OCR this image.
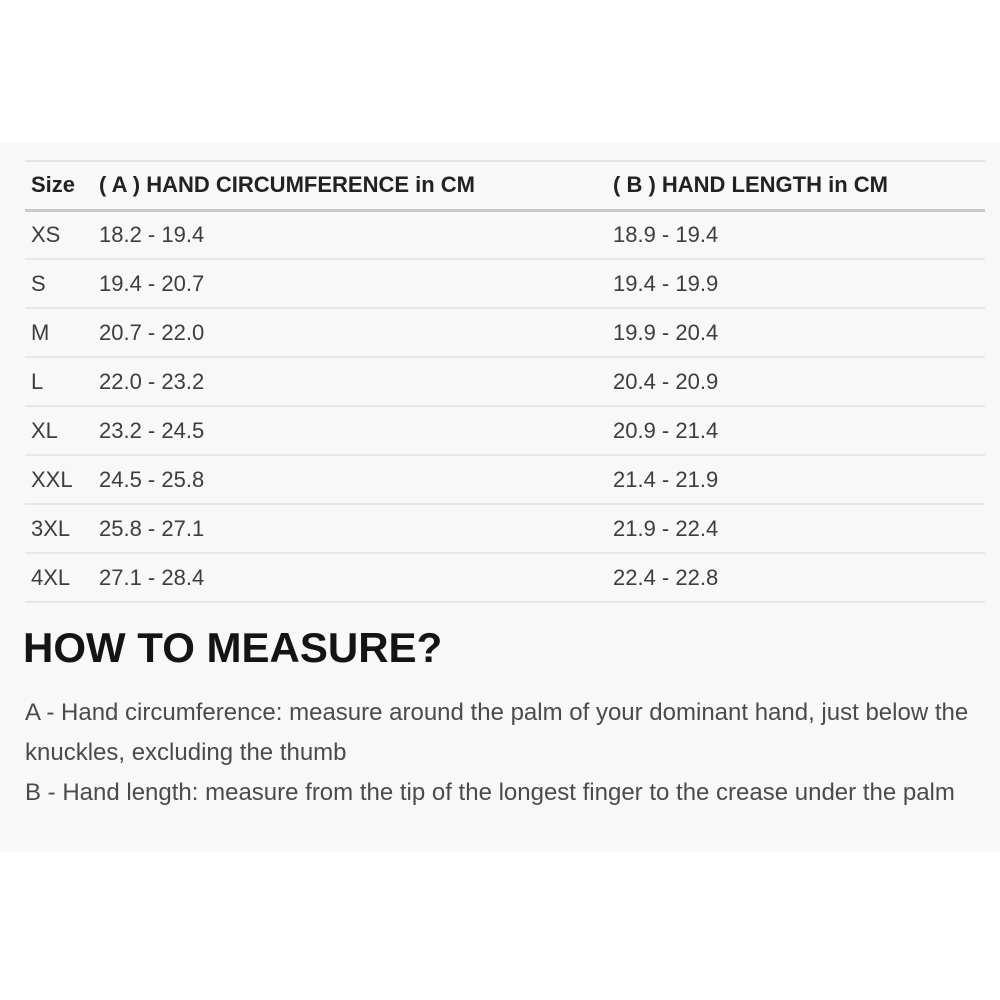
Size	( A ) HAND CIRCUMFERENCE in CM	( B ) HAND LENGTH in CM
XS	18.2 - 19.4	18.9 - 19.4
S	19.4 - 20.7	19.4 - 19.9
M	20.7 - 22.0	19.9 - 20.4
L	22.0 - 23.2	20.4 - 20.9
XL	23.2 - 24.5	20.9 - 21.4
XXL	24.5 - 25.8	21.4 - 21.9
3XL	25.8 - 27.1	21.9 - 22.4
4XL	27.1 - 28.4	22.4 - 22.8
HOW TO MEASURE?
A - Hand circumference: measure around the palm of your dominant hand, just below the
knuckles, excluding the thumb
B - Hand length: measure from the tip of the longest finger to the crease under the palm
